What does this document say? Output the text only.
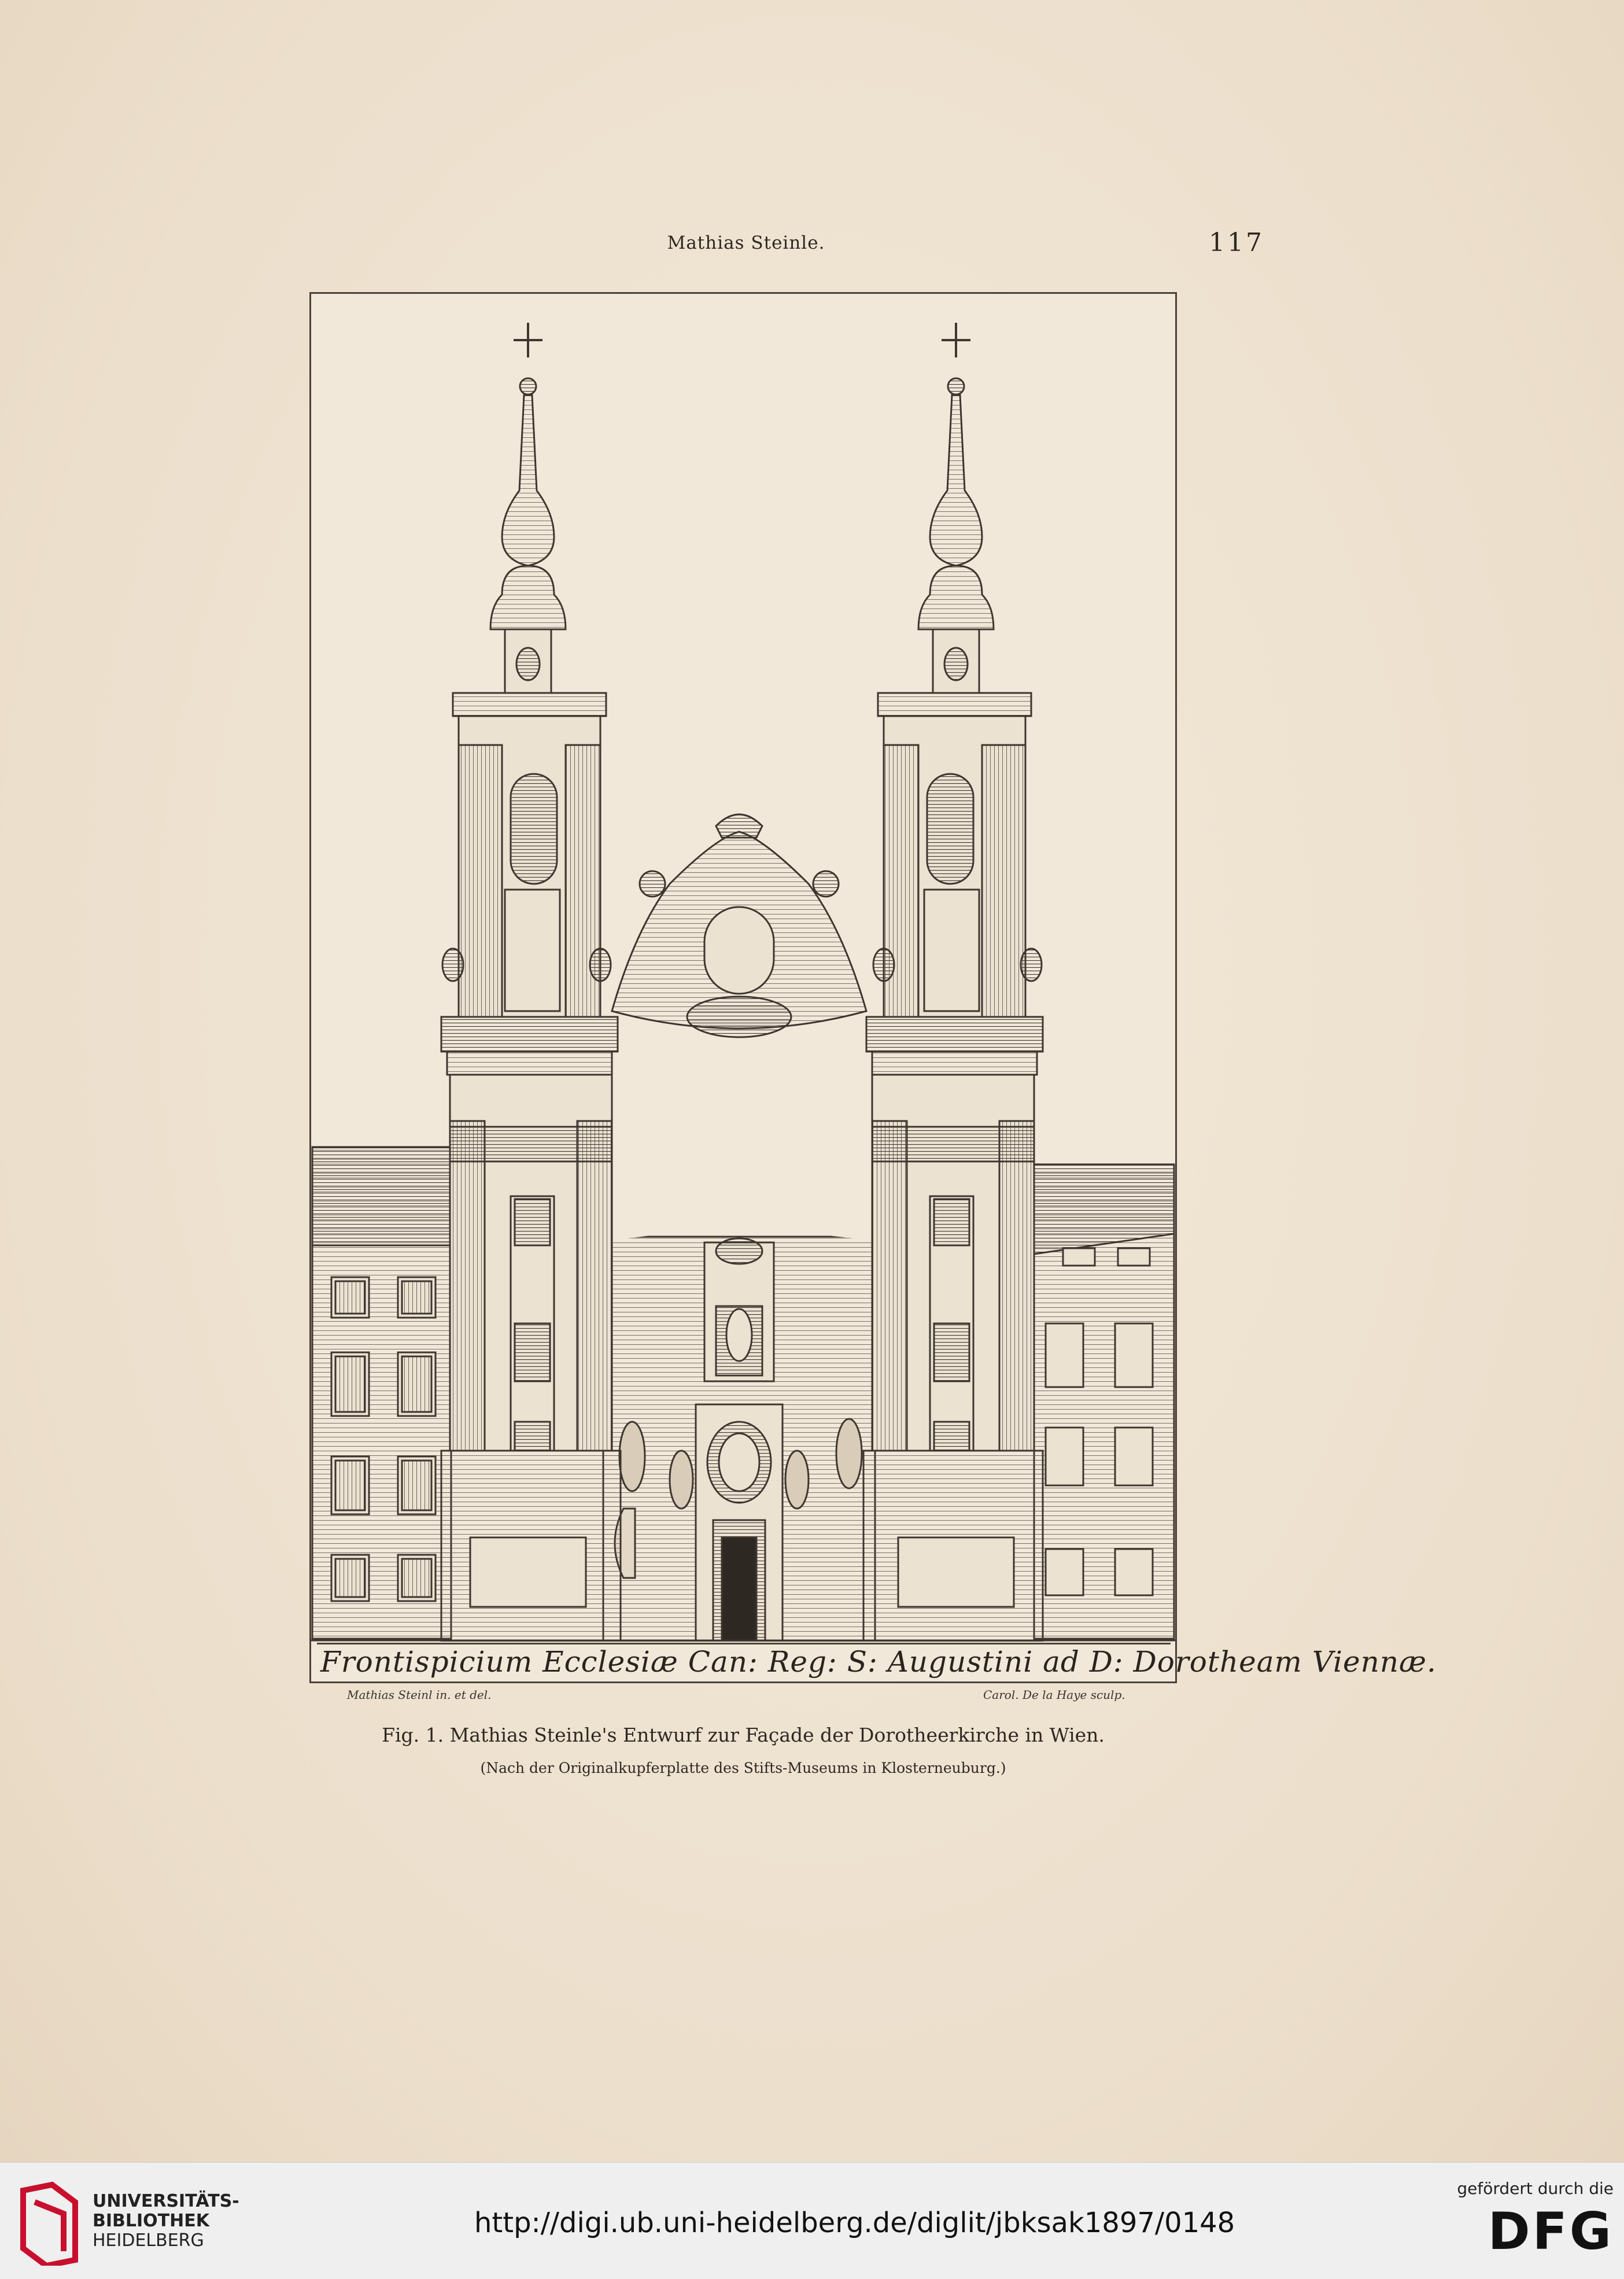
Mathias Steinle.	117
Frontispicium Ecclesiæ Can: Reg: S: Augustini ad D: Dorotheam Viennæ.
Mathias Steinl in. et del.	Carol. De la Haye sculp.
Fig. 1. Mathias Steinle's Entwurf zur Façade der Dorotheerkirche in Wien.
(Nach der Originalkupferplatte des Stifts-Museums in Klosterneuburg.)
UNIVERSITÄTS-
BIBLIOTHEK
HEIDELBERG
http://digi.ub.uni-heidelberg.de/diglit/jbksak1897/0148
gefördert durch die
DFG
